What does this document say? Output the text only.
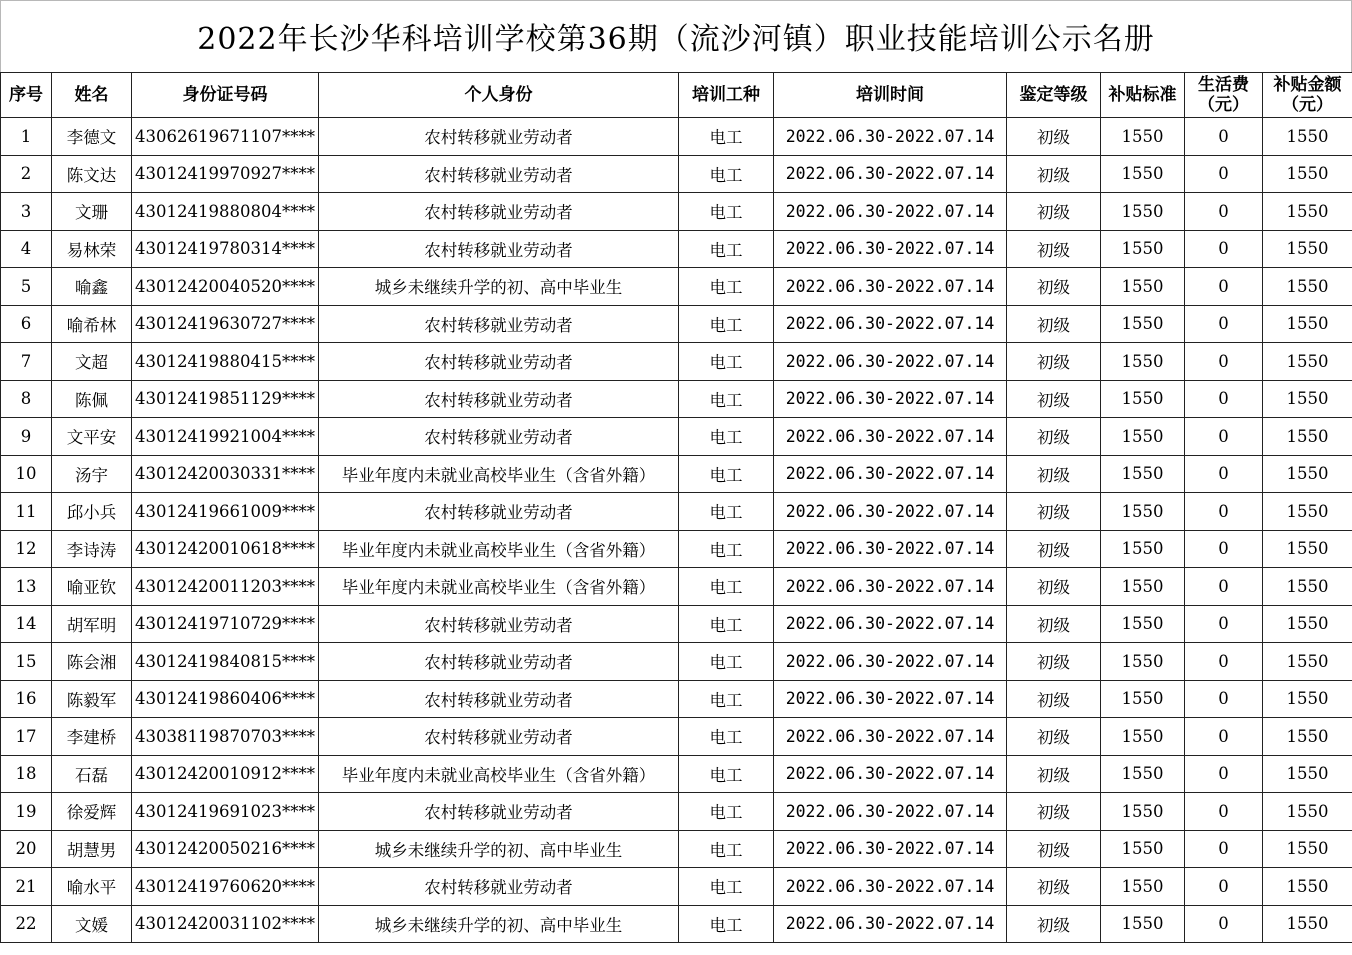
2022年长沙华科培训学校第36期（流沙河镇）职业技能培训公示名册
序号	姓名	身份证号码	个人身份	培训工种	培训时间	鉴定等级	补贴标准	生活费（元）	补贴金额（元）
1	李德文	43062619671107****	农村转移就业劳动者	电工	2022.06.30-2022.07.14	初级	1550	0	1550
2	陈文达	43012419970927****	农村转移就业劳动者	电工	2022.06.30-2022.07.14	初级	1550	0	1550
3	文珊	43012419880804****	农村转移就业劳动者	电工	2022.06.30-2022.07.14	初级	1550	0	1550
4	易林荣	43012419780314****	农村转移就业劳动者	电工	2022.06.30-2022.07.14	初级	1550	0	1550
5	喻鑫	43012420040520****	城乡未继续升学的初、高中毕业生	电工	2022.06.30-2022.07.14	初级	1550	0	1550
6	喻希林	43012419630727****	农村转移就业劳动者	电工	2022.06.30-2022.07.14	初级	1550	0	1550
7	文超	43012419880415****	农村转移就业劳动者	电工	2022.06.30-2022.07.14	初级	1550	0	1550
8	陈佩	43012419851129****	农村转移就业劳动者	电工	2022.06.30-2022.07.14	初级	1550	0	1550
9	文平安	43012419921004****	农村转移就业劳动者	电工	2022.06.30-2022.07.14	初级	1550	0	1550
10	汤宇	43012420030331****	毕业年度内未就业高校毕业生（含省外籍）	电工	2022.06.30-2022.07.14	初级	1550	0	1550
11	邱小兵	43012419661009****	农村转移就业劳动者	电工	2022.06.30-2022.07.14	初级	1550	0	1550
12	李诗涛	43012420010618****	毕业年度内未就业高校毕业生（含省外籍）	电工	2022.06.30-2022.07.14	初级	1550	0	1550
13	喻亚钦	43012420011203****	毕业年度内未就业高校毕业生（含省外籍）	电工	2022.06.30-2022.07.14	初级	1550	0	1550
14	胡军明	43012419710729****	农村转移就业劳动者	电工	2022.06.30-2022.07.14	初级	1550	0	1550
15	陈会湘	43012419840815****	农村转移就业劳动者	电工	2022.06.30-2022.07.14	初级	1550	0	1550
16	陈毅军	43012419860406****	农村转移就业劳动者	电工	2022.06.30-2022.07.14	初级	1550	0	1550
17	李建桥	43038119870703****	农村转移就业劳动者	电工	2022.06.30-2022.07.14	初级	1550	0	1550
18	石磊	43012420010912****	毕业年度内未就业高校毕业生（含省外籍）	电工	2022.06.30-2022.07.14	初级	1550	0	1550
19	徐爱辉	43012419691023****	农村转移就业劳动者	电工	2022.06.30-2022.07.14	初级	1550	0	1550
20	胡慧男	43012420050216****	城乡未继续升学的初、高中毕业生	电工	2022.06.30-2022.07.14	初级	1550	0	1550
21	喻水平	43012419760620****	农村转移就业劳动者	电工	2022.06.30-2022.07.14	初级	1550	0	1550
22	文媛	43012420031102****	城乡未继续升学的初、高中毕业生	电工	2022.06.30-2022.07.14	初级	1550	0	1550
